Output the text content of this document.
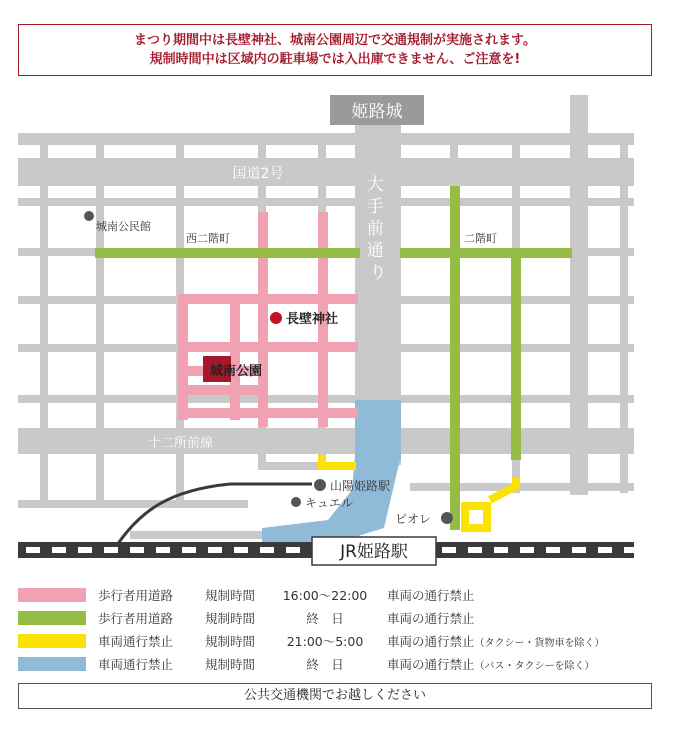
まつり期間中は長壁神社、城南公園周辺で交通規制が実施されます。
規制時間中は区域内の駐車場では入出庫できません、ご注意を!
姬路城
国道2号
大 手 前 通 り
城南公民館
西二階町	二階町
長壁神社
城南公園
十二所前線
山陽姫路駅
キュエル
ピオレ
JR姫路駅
歩行者用道路	規制時間	16:00〜22:00	車両の通行禁止
歩行者用道路	規制時間	終　日	車両の通行禁止
車両通行禁止	規制時間	21:00〜5:00	車両の通行禁止（タクシー・貨物車を除く）
車両通行禁止	規制時間	終　日	車両の通行禁止（バス・タクシーを除く）
公共交通機関でお越しください
